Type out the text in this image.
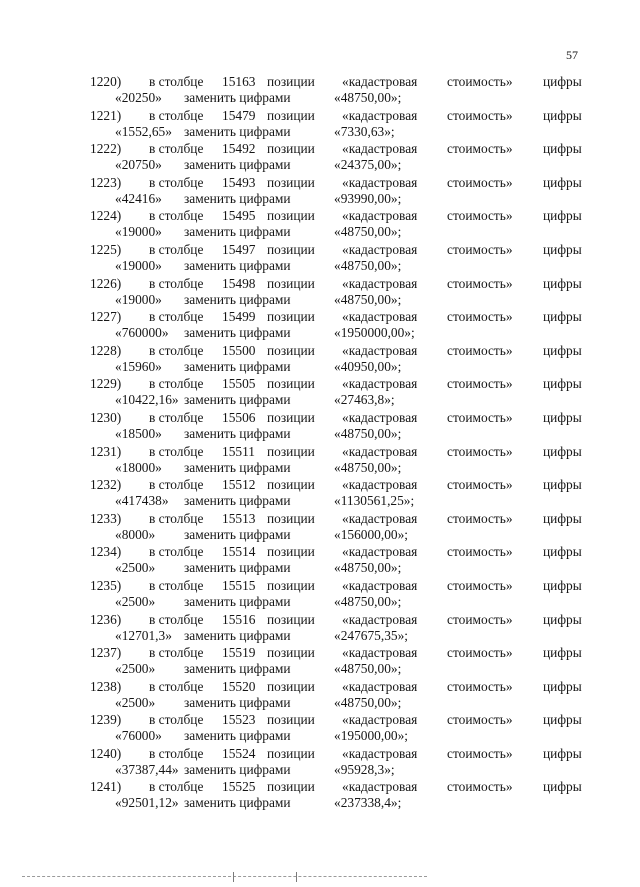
57
1220) в столбце 15163 позиции «кадастровая стоимость» цифры
«20250» заменить цифрами	«48750,00»;
1221) в столбце 15479 позиции «кадастровая стоимость» цифры
«1552,65» заменить цифрами	«7330,63»;
1222) в столбце 15492 позиции «кадастровая стоимость» цифры
«20750» заменить цифрами	«24375,00»;
1223) в столбце 15493 позиции «кадастровая стоимость» цифры
«42416» заменить цифрами	«93990,00»;
1224) в столбце 15495 позиции «кадастровая стоимость» цифры
«19000» заменить цифрами	«48750,00»;
1225) в столбце 15497 позиции «кадастровая стоимость» цифры
«19000» заменить цифрами	«48750,00»;
1226) в столбце 15498 позиции «кадастровая стоимость» цифры
«19000» заменить цифрами	«48750,00»;
1227) в столбце 15499 позиции «кадастровая стоимость» цифры
«760000» заменить цифрами	«1950000,00»;
1228) в столбце 15500 позиции «кадастровая стоимость» цифры
«15960» заменить цифрами	«40950,00»;
1229) в столбце 15505 позиции «кадастровая стоимость» цифры
«10422,16» заменить цифрами	«27463,8»;
1230) в столбце 15506 позиции «кадастровая стоимость» цифры
«18500» заменить цифрами	«48750,00»;
1231) в столбце 15511 позиции «кадастровая стоимость» цифры
«18000» заменить цифрами	«48750,00»;
1232) в столбце 15512 позиции «кадастровая стоимость» цифры
«417438» заменить цифрами	«1130561,25»;
1233) в столбце 15513 позиции «кадастровая стоимость» цифры
«8000» заменить цифрами	«156000,00»;
1234) в столбце 15514 позиции «кадастровая стоимость» цифры
«2500» заменить цифрами	«48750,00»;
1235) в столбце 15515 позиции «кадастровая стоимость» цифры
«2500» заменить цифрами	«48750,00»;
1236) в столбце 15516 позиции «кадастровая стоимость» цифры
«12701,3» заменить цифрами	«247675,35»;
1237) в столбце 15519 позиции «кадастровая стоимость» цифры
«2500» заменить цифрами	«48750,00»;
1238) в столбце 15520 позиции «кадастровая стоимость» цифры
«2500» заменить цифрами	«48750,00»;
1239) в столбце 15523 позиции «кадастровая стоимость» цифры
«76000» заменить цифрами	«195000,00»;
1240) в столбце 15524 позиции «кадастровая стоимость» цифры
«37387,44» заменить цифрами	«95928,3»;
1241) в столбце 15525 позиции «кадастровая стоимость» цифры
«92501,12» заменить цифрами	«237338,4»;
